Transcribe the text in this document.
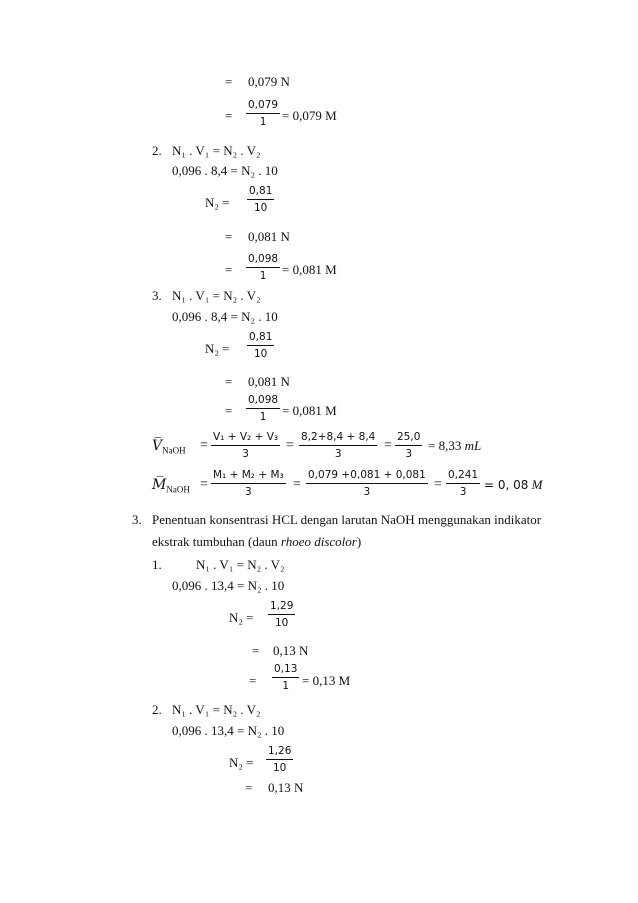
= 0,079 N
= $\frac{0,079}{1} = 0,079$ M
2. N₁ . V₁ = N₂ . V₂
0,096 . 8,4 = N₂ . 10
$N_2 = \frac{0,81}{10}$
= 0,081 N
= $\frac{0,098}{1} = 0,081$ M
3. N₁ . V₁ = N₂ . V₂
0,096 . 8,4 = N₂ . 10
$N_2 = \frac{0,81}{10}$
= 0,081 N
= $\frac{0,098}{1} = 0,081$ M
$V̅_{NaOH} = \frac{\text{V₁ + V₂ + V₃}}{3} = \frac{8,2+8,4 + 8,4}{3} = \frac{25,0}{3} = 8,33$ mL
$M̅_{NaOH} = \frac{\text{M₁ + M₂ + M₃}}{3} = \frac{0,079 +0,081 + 0,081}{3} = \frac{0,241}{3} = 0$, 08 M
3. Penentuan konsentrasi HCL dengan larutan NaOH menggunakan indikator
ekstrak tumbuhan (daun rhoeo discolor)
1.	N₁ . V₁ = N₂ . V₂
0,096 . 13,4 = N₂ . 10
$N_2 = \frac{1,29}{10}$
= 0,13 N
= $\frac{0,13}{1} = 0,13$ M
2. N₁ . V₁ = N₂ . V₂
0,096 . 13,4 = N₂ . 10
$N_2 = \frac{1,26}{10}$
= 0,13 N
